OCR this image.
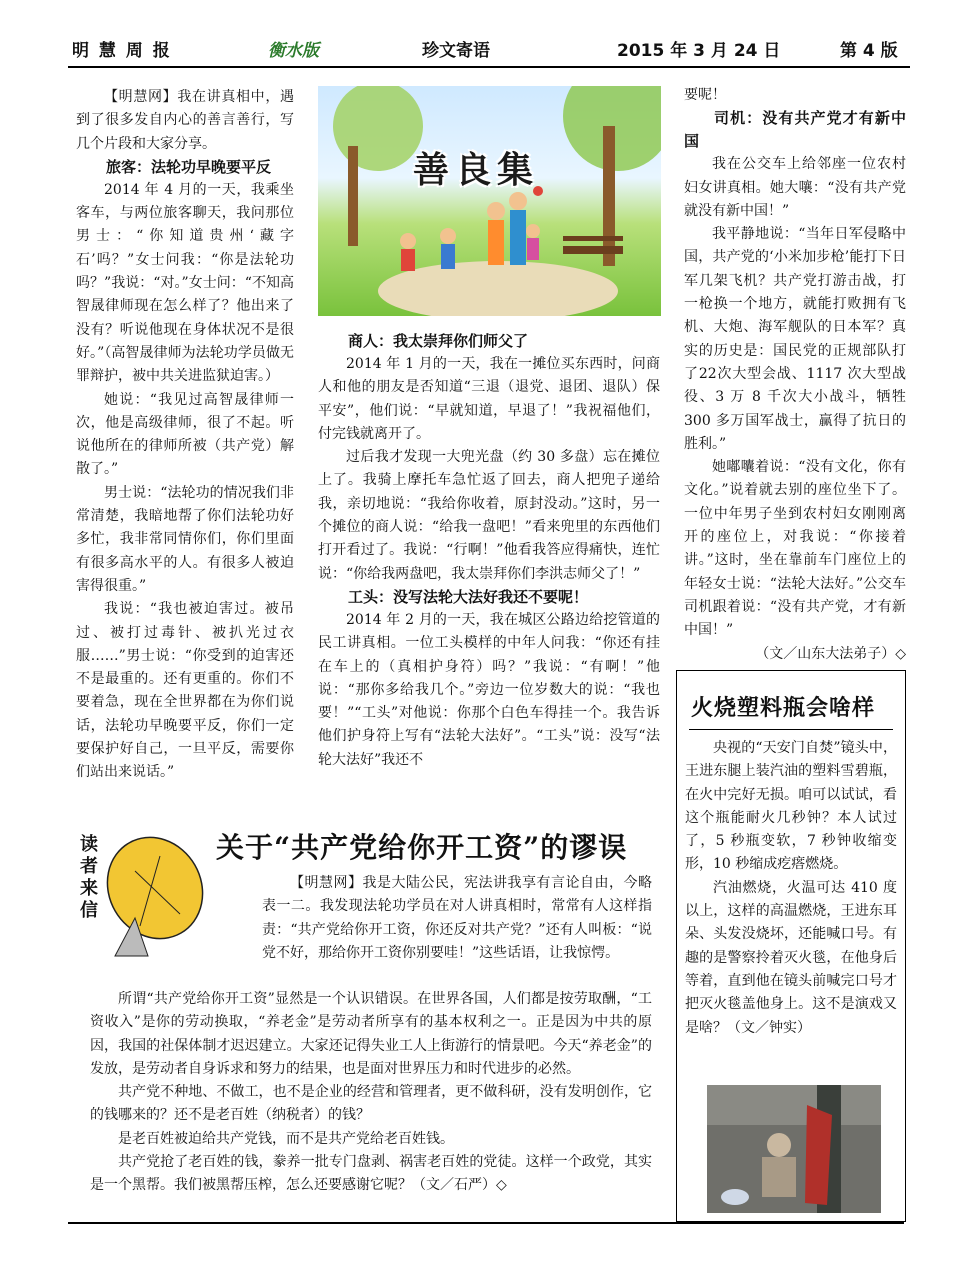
明 慧 周 报	衡水版	珍文寄语	2015 年 3 月 24 日	第 4 版

【明慧网】我在讲真相中，遇到了很多发自内心的善言善行，写几个片段和大家分享。

旅客：法轮功早晚要平反

2014 年 4 月的一天，我乘坐客车，与两位旅客聊天，我问那位男士：“你知道贵州‘藏字石’吗？”女士问我：“你是法轮功吗？”我说：“对。”女士问：“不知高智晟律师现在怎么样了？他出来了没有？听说他现在身体状况不是很好。”（高智晟律师为法轮功学员做无罪辩护，被中共关进监狱迫害。）

她说：“我见过高智晟律师一次，他是高级律师，很了不起。听说他所在的律师所被（共产党）解散了。”

男士说：“法轮功的情况我们非常清楚，我暗地帮了你们法轮功好多忙，我非常同情你们，你们里面有很多高水平的人。有很多人被迫害得很重。”

我说：“我也被迫害过。被吊过、被打过毒针、被扒光过衣服……”男士说：“你受到的迫害还不是最重的。还有更重的。你们不要着急，现在全世界都在为你们说话，法轮功早晚要平反，你们一定要保护好自己，一旦平反，需要你们站出来说话。”

善良集

商人：我太崇拜你们师父了

2014 年 1 月的一天，我在一摊位买东西时，问商人和他的朋友是否知道“三退（退党、退团、退队）保平安”，他们说：“早就知道，早退了！”我祝福他们，付完钱就离开了。

过后我才发现一大兜光盘（约 30 多盘）忘在摊位上了。我骑上摩托车急忙返了回去，商人把兜子递给我，亲切地说：“我给你收着，原封没动。”这时，另一个摊位的商人说：“给我一盘吧！”看来兜里的东西他们打开看过了。我说：“行啊！”他看我答应得痛快，连忙说：“你给我两盘吧，我太崇拜你们李洪志师父了！”

工头：没写法轮大法好我还不要呢！

2014 年 2 月的一天，我在城区公路边给挖管道的民工讲真相。一位工头模样的中年人问我：“你还有挂在车上的（真相护身符）吗？”我说：“有啊！”他说：“那你多给我几个。”旁边一位岁数大的说：“我也要！”“工头”对他说：你那个白色车得挂一个。我告诉他们护身符上写有“法轮大法好”。“工头”说：没写“法轮大法好”我还不

要呢！

司机：没有共产党才有新中国

我在公交车上给邻座一位农村妇女讲真相。她大嚷：“没有共产党就没有新中国！”

我平静地说：“当年日军侵略中国，共产党的‘小米加步枪’能打下日军几架飞机？共产党打游击战，打一枪换一个地方，就能打败拥有飞机、大炮、海军舰队的日本军？真实的历史是：国民党的正规部队打了22次大型会战、1117 次大型战役、3 万 8 千次大小战斗，牺牲 300 多万国军战士，赢得了抗日的胜利。”

她嘟囔着说：“没有文化，你有文化。”说着就去别的座位坐下了。一位中年男子坐到农村妇女刚刚离开的座位上，对我说：“你接着讲。”这时，坐在靠前车门座位上的年轻女士说：“法轮大法好。”公交车司机跟着说：“没有共产党，才有新中国！”

（文／山东大法弟子）◇

火烧塑料瓶会啥样

央视的“天安门自焚”镜头中，王进东腿上装汽油的塑料雪碧瓶，在火中完好无损。咱可以试试，看这个瓶能耐火几秒钟？本人试过了，5 秒瓶变软，7 秒钟收缩变形，10 秒缩成疙瘩燃烧。

汽油燃烧，火温可达 410 度以上，这样的高温燃烧，王进东耳朵、头发没烧坏，还能喊口号。有趣的是警察拎着灭火毯，在他身后等着，直到他在镜头前喊完口号才把灭火毯盖他身上。这不是演戏又是啥？（文／钟实）

读
者
来
信
关于“共产党给你开工资”的谬误

【明慧网】我是大陆公民，宪法讲我享有言论自由，今略表一二。我发现法轮功学员在对人讲真相时，常常有人这样指责：“共产党给你开工资，你还反对共产党？”还有人叫板：“说党不好，那给你开工资你别要哇！”这些话语，让我惊愕。

所谓“共产党给你开工资”显然是一个认识错误。在世界各国，人们都是按劳取酬，“工资收入”是你的劳动换取，“养老金”是劳动者所享有的基本权利之一。正是因为中共的原因，我国的社保体制才迟迟建立。大家还记得失业工人上街游行的情景吧。今天“养老金”的发放，是劳动者自身诉求和努力的结果，也是面对世界压力和时代进步的必然。

共产党不种地、不做工，也不是企业的经营和管理者，更不做科研，没有发明创作，它的钱哪来的？还不是老百姓（纳税者）的钱？

是老百姓被迫给共产党钱，而不是共产党给老百姓钱。

共产党抢了老百姓的钱，豢养一批专门盘剥、祸害老百姓的党徒。这样一个政党，其实是一个黑帮。我们被黑帮压榨，怎么还要感谢它呢？（文／石严）◇
